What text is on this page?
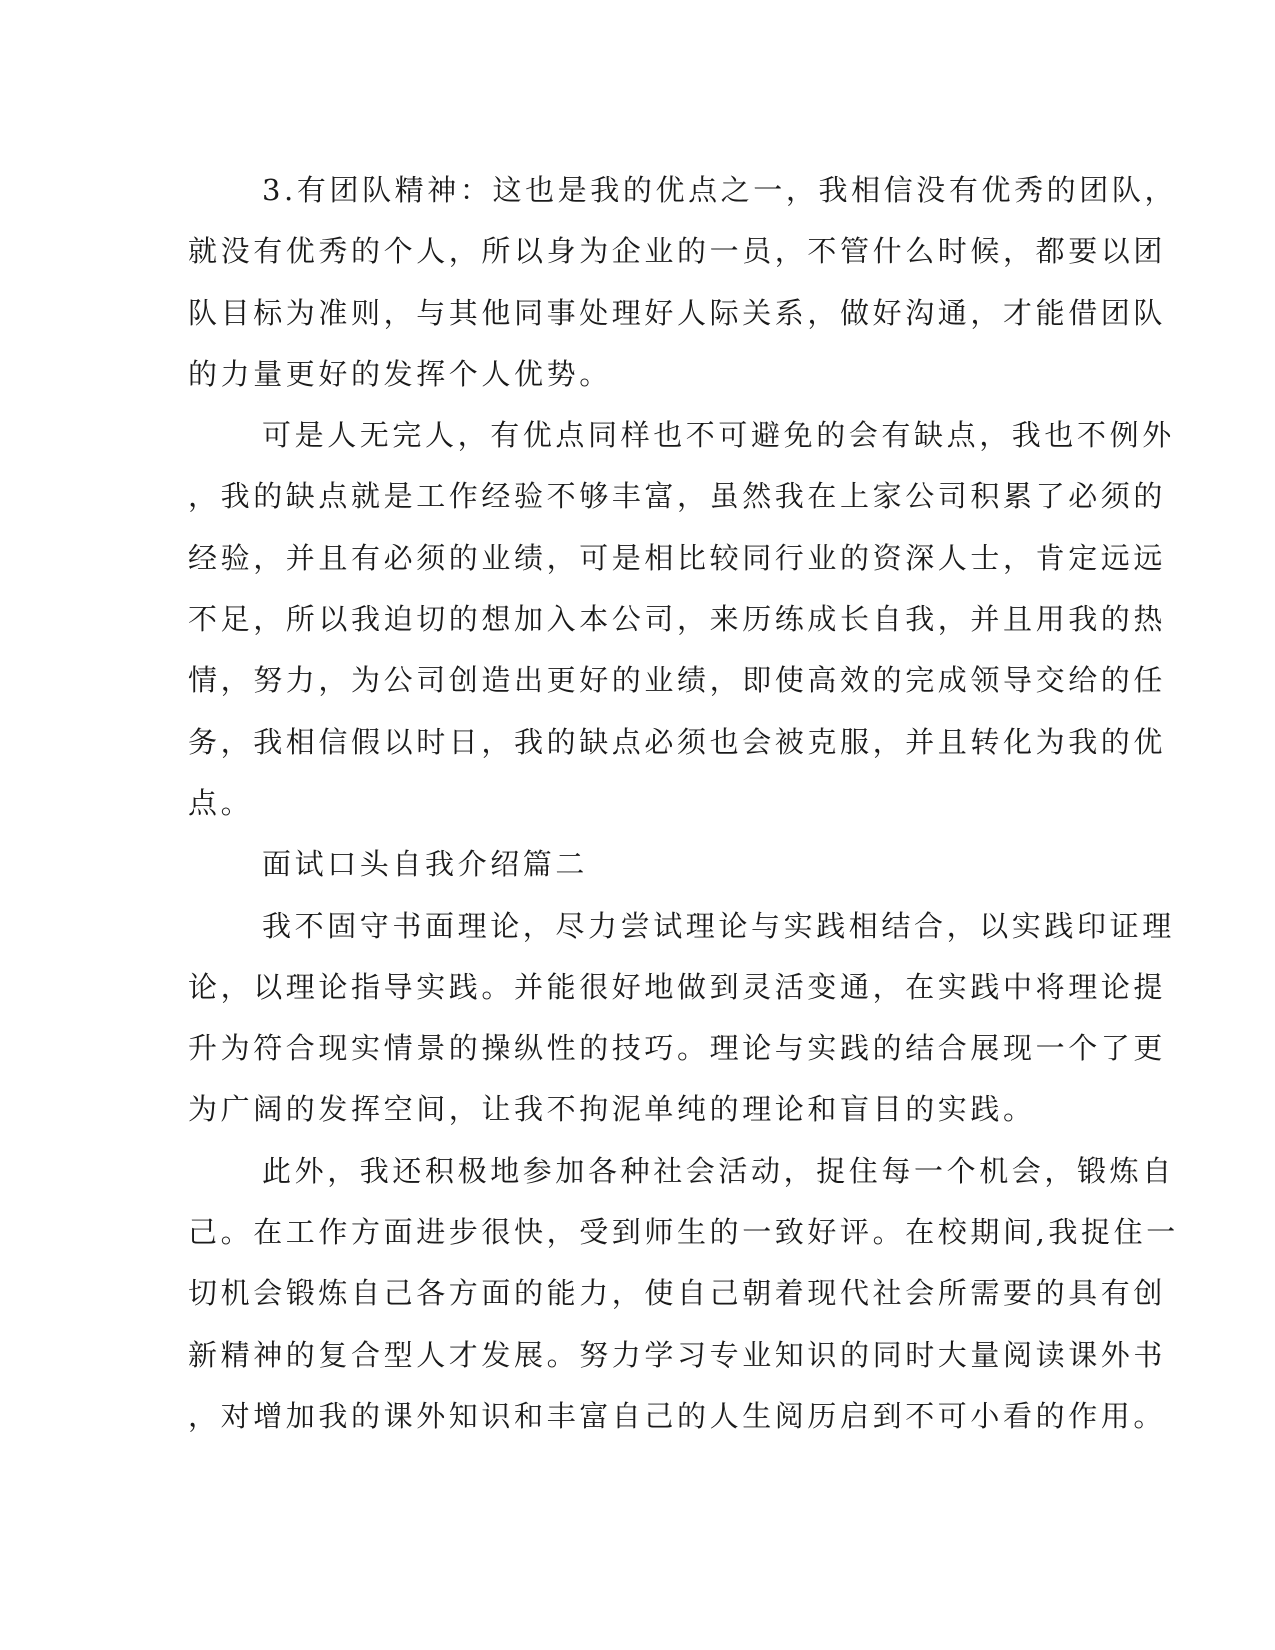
3.有团队精神：这也是我的优点之一，我相信没有优秀的团队，

就没有优秀的个人，所以身为企业的一员，不管什么时候，都要以团

队目标为准则，与其他同事处理好人际关系，做好沟通，才能借团队

的力量更好的发挥个人优势。

可是人无完人，有优点同样也不可避免的会有缺点，我也不例外

，我的缺点就是工作经验不够丰富，虽然我在上家公司积累了必须的

经验，并且有必须的业绩，可是相比较同行业的资深人士，肯定远远

不足，所以我迫切的想加入本公司，来历练成长自我，并且用我的热

情，努力，为公司创造出更好的业绩，即使高效的完成领导交给的任

务，我相信假以时日，我的缺点必须也会被克服，并且转化为我的优

点。

面试口头自我介绍篇二

我不固守书面理论，尽力尝试理论与实践相结合，以实践印证理

论，以理论指导实践。并能很好地做到灵活变通，在实践中将理论提

升为符合现实情景的操纵性的技巧。理论与实践的结合展现一个了更

为广阔的发挥空间，让我不拘泥单纯的理论和盲目的实践。

此外，我还积极地参加各种社会活动，捉住每一个机会，锻炼自

己。在工作方面进步很快，受到师生的一致好评。在校期间,我捉住一

切机会锻炼自己各方面的能力，使自己朝着现代社会所需要的具有创

新精神的复合型人才发展。努力学习专业知识的同时大量阅读课外书

，对增加我的课外知识和丰富自己的人生阅历启到不可小看的作用。
